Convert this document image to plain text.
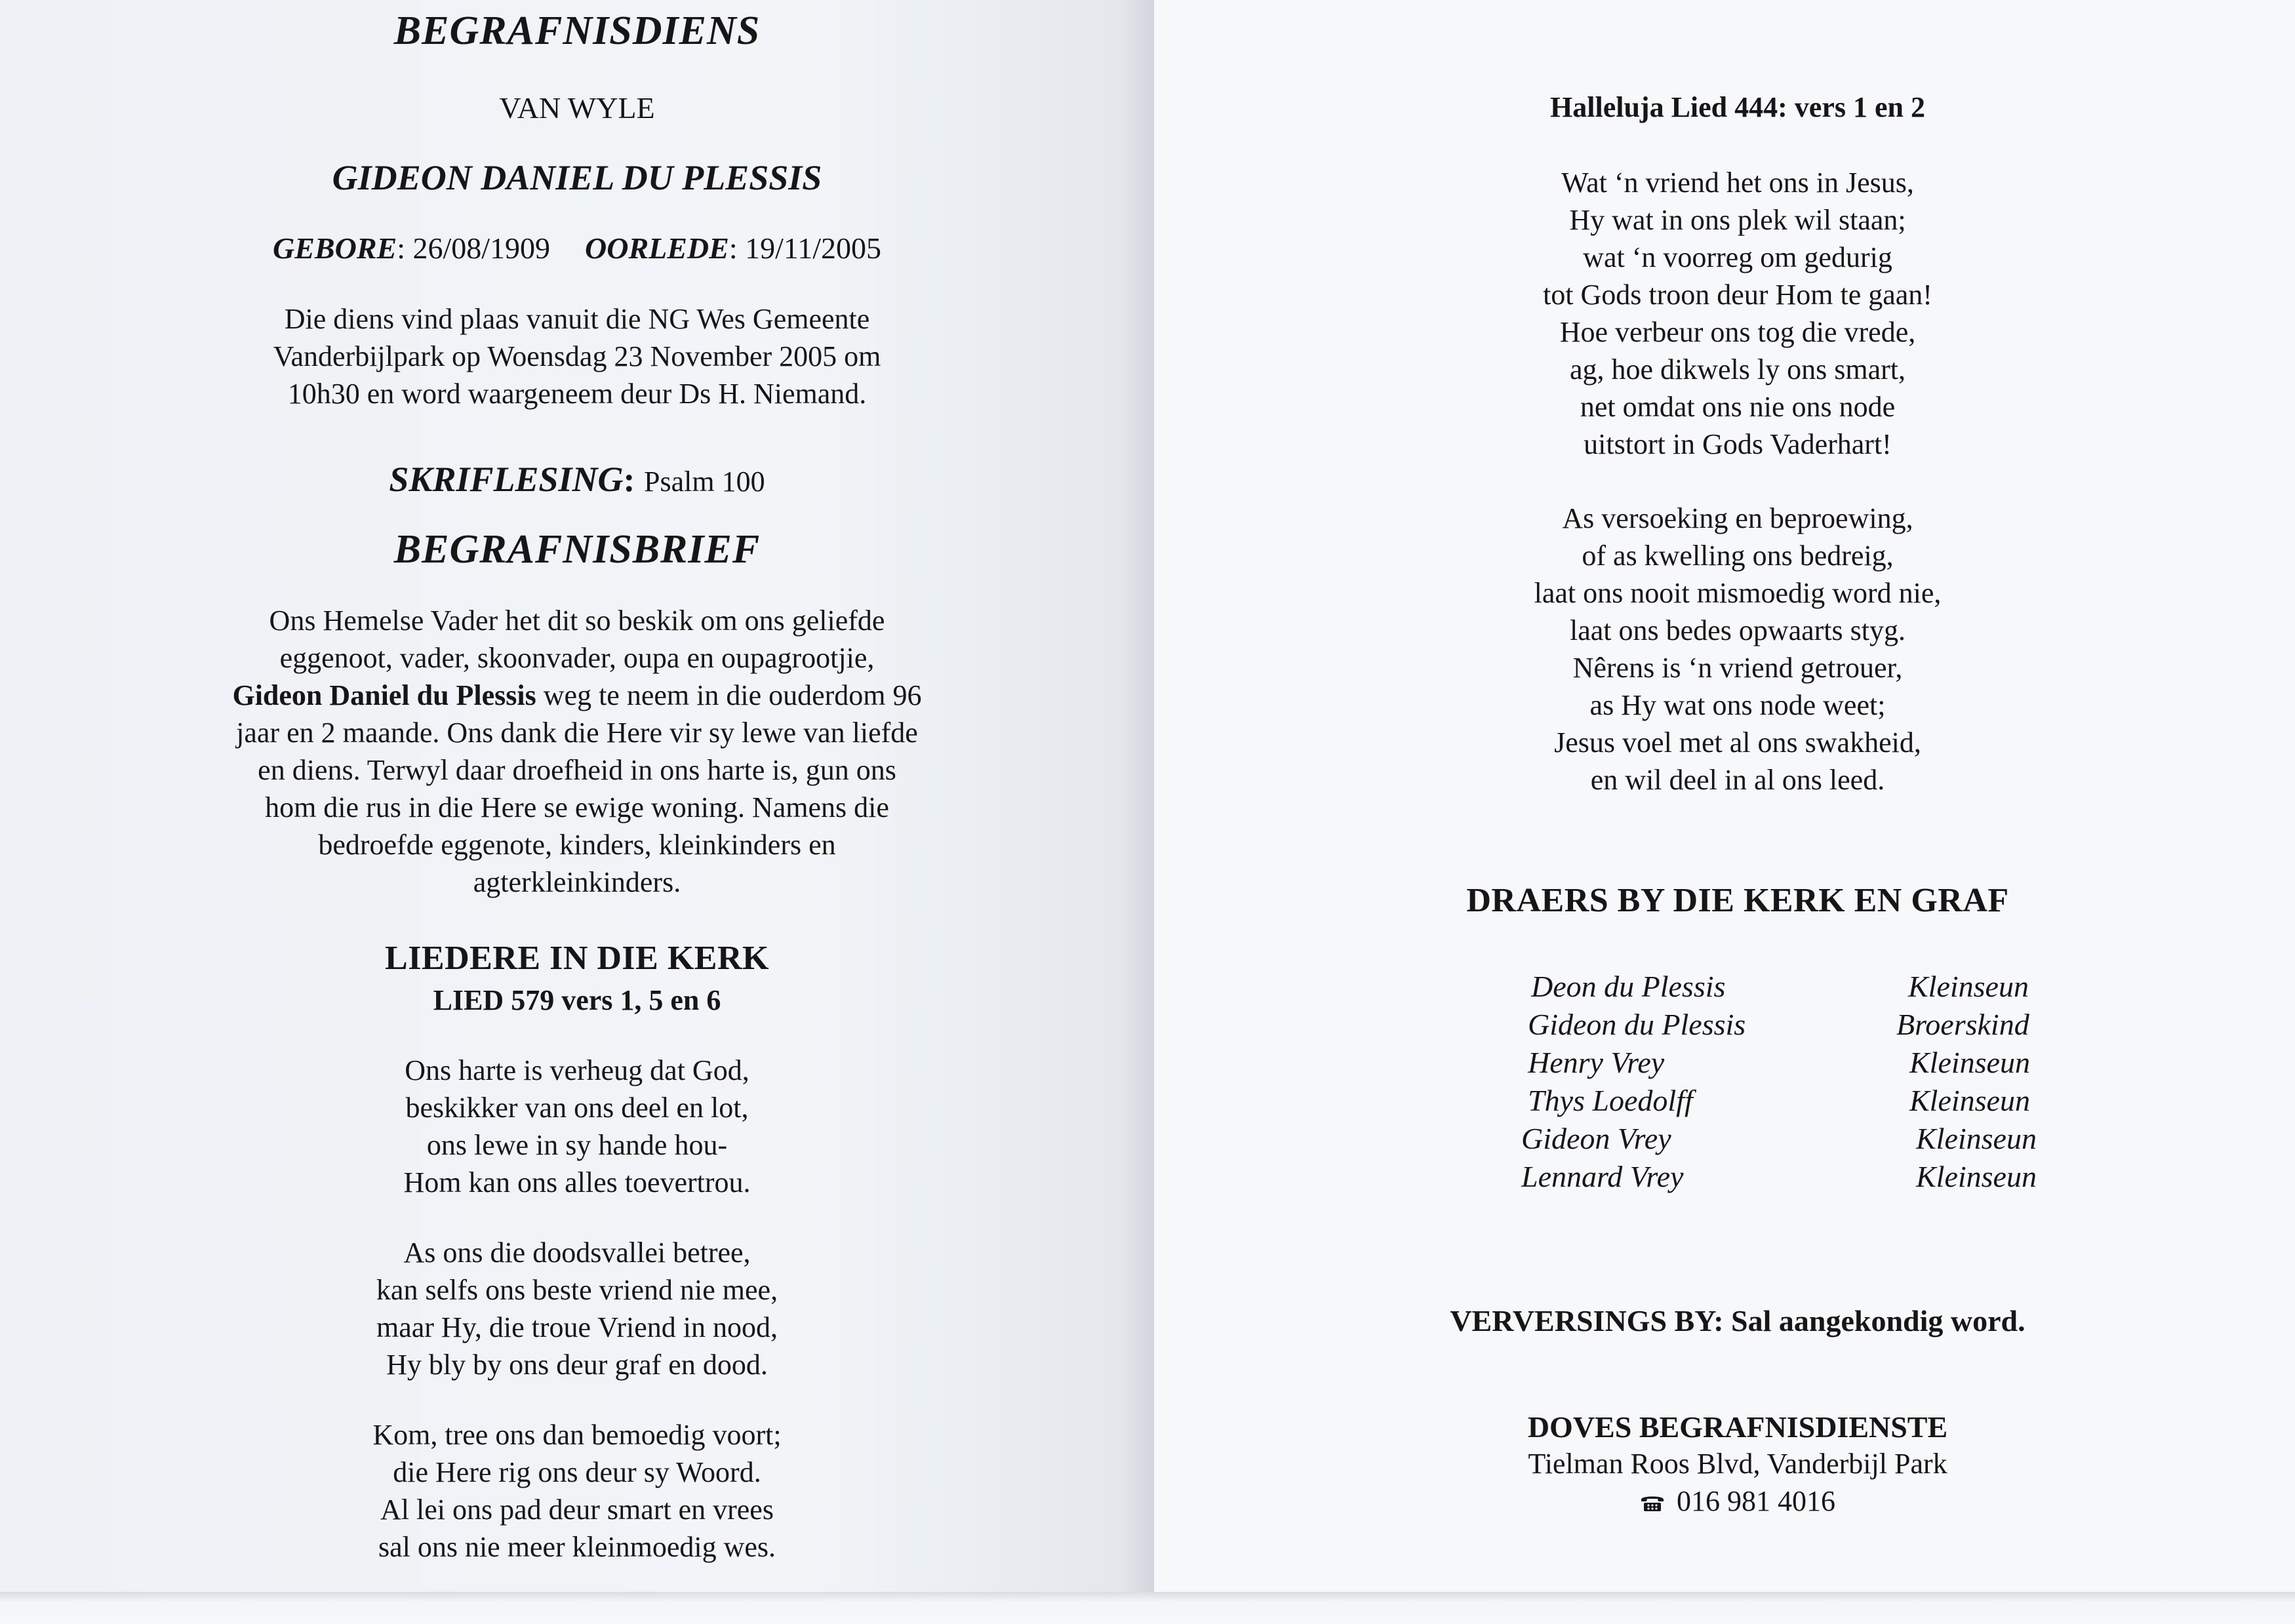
BEGRAFNISDIENS
VAN WYLE
GIDEON DANIEL DU PLESSIS
GEBORE: 26/08/1909 OORLEDE: 19/11/2005
Die diens vind plaas vanuit die NG Wes Gemeente
Vanderbijlpark op Woensdag 23 November 2005 om
10h30 en word waargeneem deur Ds H. Niemand.
SKRIFLESING: Psalm 100
BEGRAFNISBRIEF
Ons Hemelse Vader het dit so beskik om ons geliefde
eggenoot, vader, skoonvader, oupa en oupagrootjie,
Gideon Daniel du Plessis weg te neem in die ouderdom 96
jaar en 2 maande. Ons dank die Here vir sy lewe van liefde
en diens. Terwyl daar droefheid in ons harte is, gun ons
hom die rus in die Here se ewige woning. Namens die
bedroefde eggenote, kinders, kleinkinders en
agterkleinkinders.
LIEDERE IN DIE KERK
LIED 579 vers 1, 5 en 6
Ons harte is verheug dat God,
beskikker van ons deel en lot,
ons lewe in sy hande hou-
Hom kan ons alles toevertrou.
As ons die doodsvallei betree,
kan selfs ons beste vriend nie mee,
maar Hy, die troue Vriend in nood,
Hy bly by ons deur graf en dood.
Kom, tree ons dan bemoedig voort;
die Here rig ons deur sy Woord.
Al lei ons pad deur smart en vrees
sal ons nie meer kleinmoedig wes.
Halleluja Lied 444: vers 1 en 2
Wat ‘n vriend het ons in Jesus,
Hy wat in ons plek wil staan;
wat ‘n voorreg om gedurig
tot Gods troon deur Hom te gaan!
Hoe verbeur ons tog die vrede,
ag, hoe dikwels ly ons smart,
net omdat ons nie ons node
uitstort in Gods Vaderhart!
As versoeking en beproewing,
of as kwelling ons bedreig,
laat ons nooit mismoedig word nie,
laat ons bedes opwaarts styg.
Nêrens is ‘n vriend getrouer,
as Hy wat ons node weet;
Jesus voel met al ons swakheid,
en wil deel in al ons leed.
DRAERS BY DIE KERK EN GRAF
Deon du Plessis	Kleinseun
Gideon du Plessis	Broerskind
Henry Vrey	Kleinseun
Thys Loedolff	Kleinseun
Gideon Vrey	Kleinseun
Lennard Vrey	Kleinseun
VERVERSINGS BY: Sal aangekondig word.
DOVES BEGRAFNISDIENSTE
Tielman Roos Blvd, Vanderbijl Park
016 981 4016
